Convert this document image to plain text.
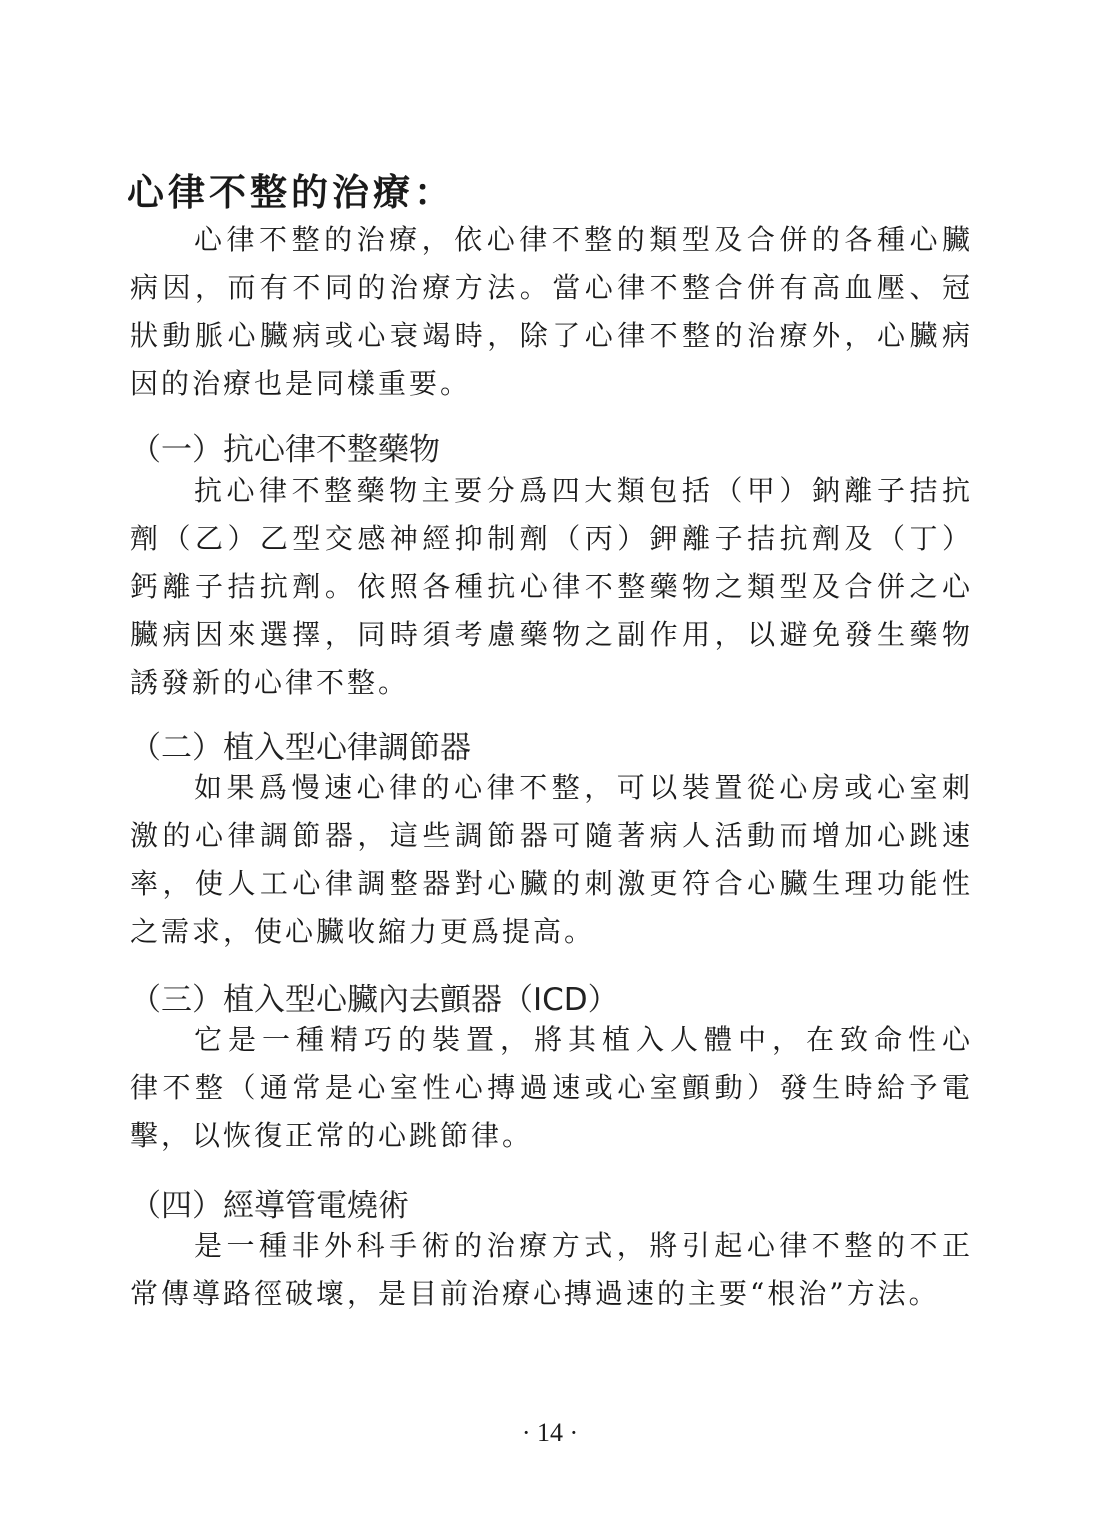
心律不整的治療：
心律不整的治療，依心律不整的類型及合併的各種心臟
病因，而有不同的治療方法。當心律不整合併有高血壓、冠
狀動脈心臟病或心衰竭時，除了心律不整的治療外，心臟病
因的治療也是同樣重要。
（一）抗心律不整藥物
抗心律不整藥物主要分爲四大類包括（甲）鈉離子拮抗
劑（乙）乙型交感神經抑制劑（丙）鉀離子拮抗劑及（丁）
鈣離子拮抗劑。依照各種抗心律不整藥物之類型及合併之心
臟病因來選擇，同時須考慮藥物之副作用，以避免發生藥物
誘發新的心律不整。
（二）植入型心律調節器
如果爲慢速心律的心律不整，可以裝置從心房或心室刺
激的心律調節器，這些調節器可隨著病人活動而增加心跳速
率，使人工心律調整器對心臟的刺激更符合心臟生理功能性
之需求，使心臟收縮力更爲提高。
（三）植入型心臟內去顫器（ICD）
它是一種精巧的裝置，將其植入人體中，在致命性心
律不整（通常是心室性心摶過速或心室顫動）發生時給予電
擊，以恢復正常的心跳節律。
（四）經導管電燒術
是一種非外科手術的治療方式，將引起心律不整的不正
常傳導路徑破壞，是目前治療心摶過速的主要“根治”方法。

· 14 ·
